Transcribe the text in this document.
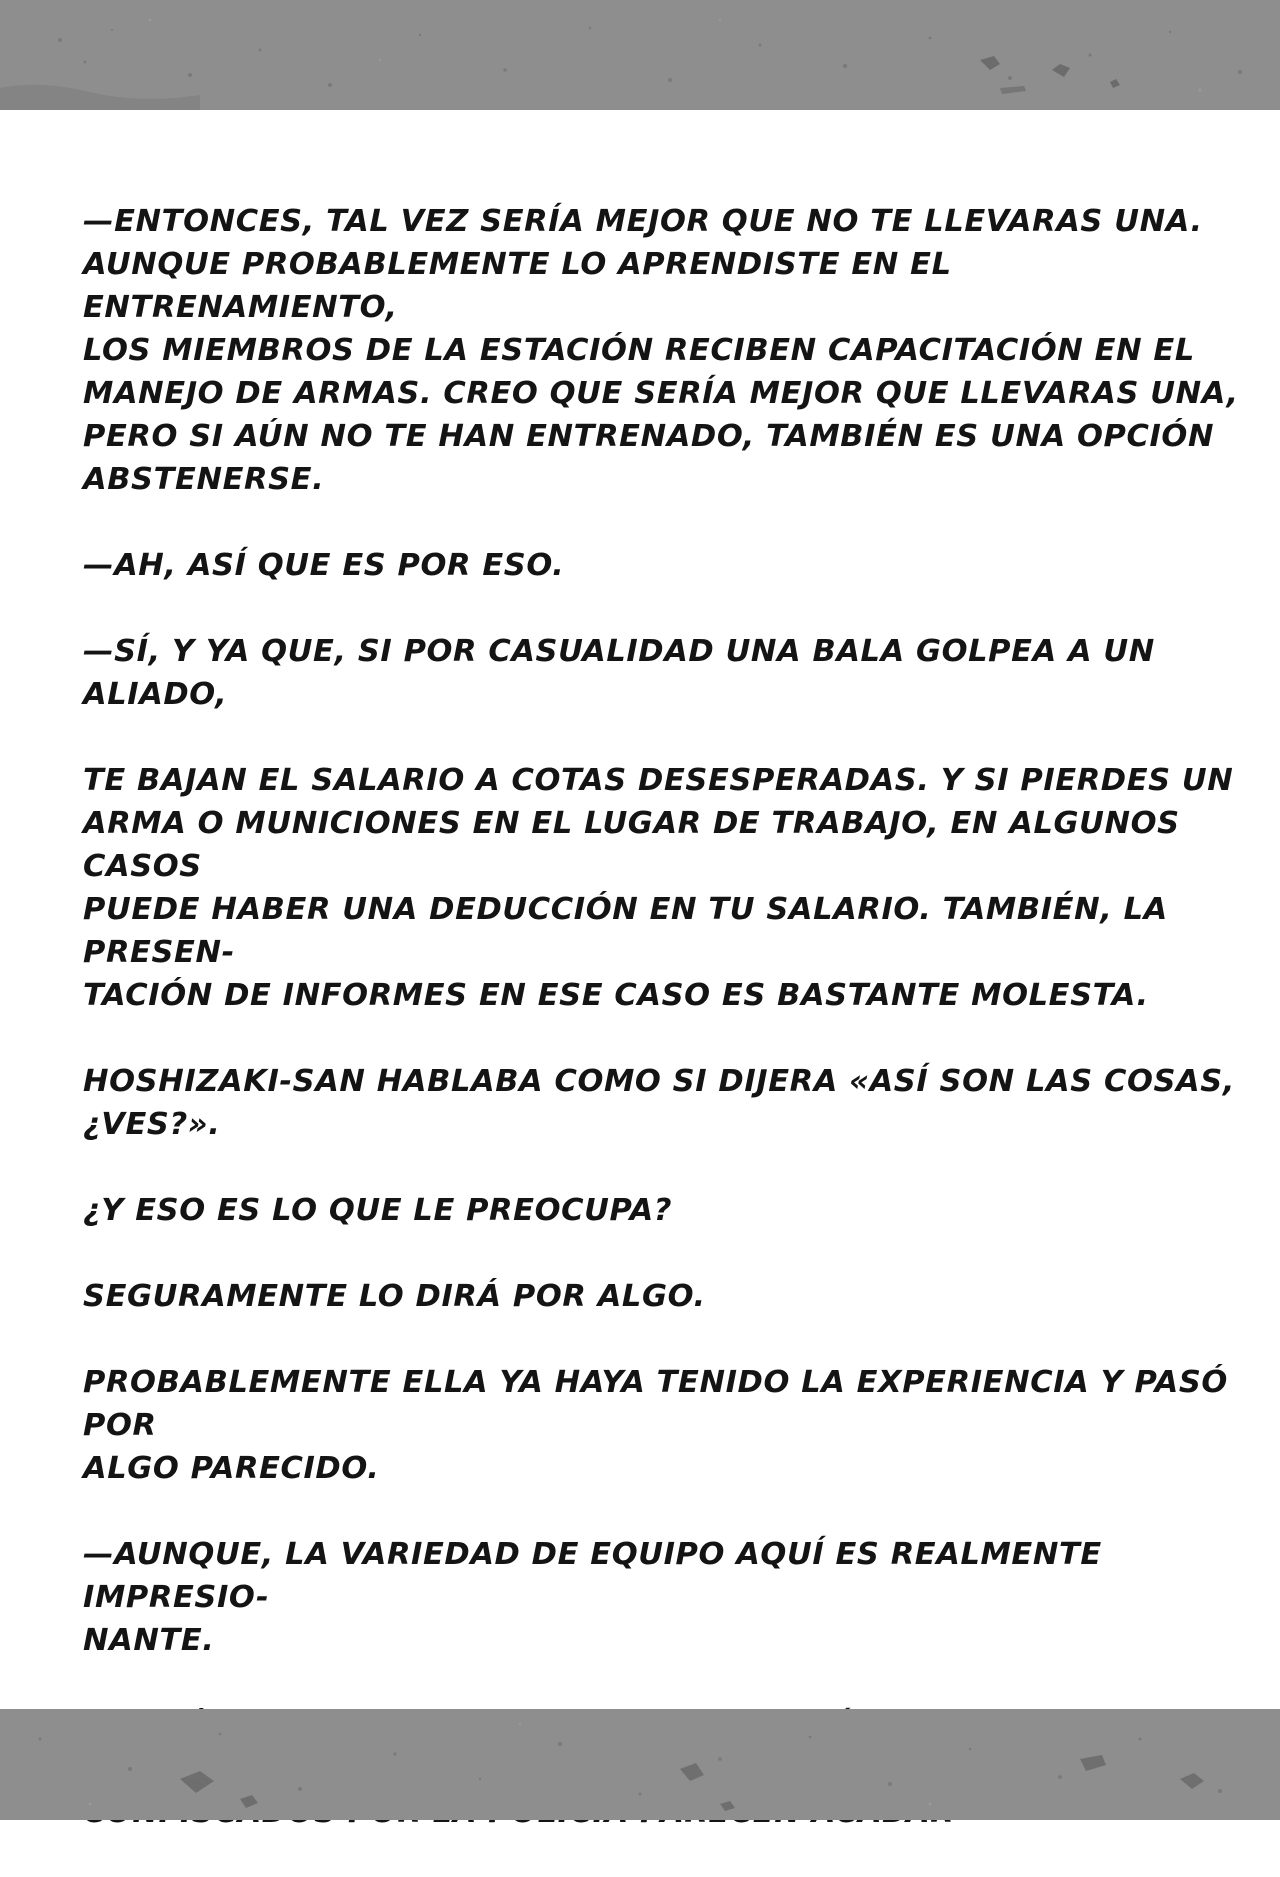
—ENTONCES, TAL VEZ SERÍA MEJOR QUE NO TE LLEVARAS UNA.
AUNQUE PROBABLEMENTE LO APRENDISTE EN EL ENTRENAMIENTO,
LOS MIEMBROS DE LA ESTACIÓN RECIBEN CAPACITACIÓN EN EL
MANEJO DE ARMAS. CREO QUE SERÍA MEJOR QUE LLEVARAS UNA,
PERO SI AÚN NO TE HAN ENTRENADO, TAMBIÉN ES UNA OPCIÓN
ABSTENERSE.

—AH, ASÍ QUE ES POR ESO.

—SÍ, Y YA QUE, SI POR CASUALIDAD UNA BALA GOLPEA A UN ALIADO,

TE BAJAN EL SALARIO A COTAS DESESPERADAS. Y SI PIERDES UN
ARMA O MUNICIONES EN EL LUGAR DE TRABAJO, EN ALGUNOS CASOS
PUEDE HABER UNA DEDUCCIÓN EN TU SALARIO. TAMBIÉN, LA PRESEN-
TACIÓN DE INFORMES EN ESE CASO ES BASTANTE MOLESTA.

HOSHIZAKI-SAN HABLABA COMO SI DIJERA «ASÍ SON LAS COSAS,
¿VES?».

¿Y ESO ES LO QUE LE PREOCUPA?

SEGURAMENTE LO DIRÁ POR ALGO.

PROBABLEMENTE ELLA YA HAYA TENIDO LA EXPERIENCIA Y PASÓ POR
ALGO PARECIDO.

—AUNQUE, LA VARIEDAD DE EQUIPO AQUÍ ES REALMENTE IMPRESIO-
NANTE.
